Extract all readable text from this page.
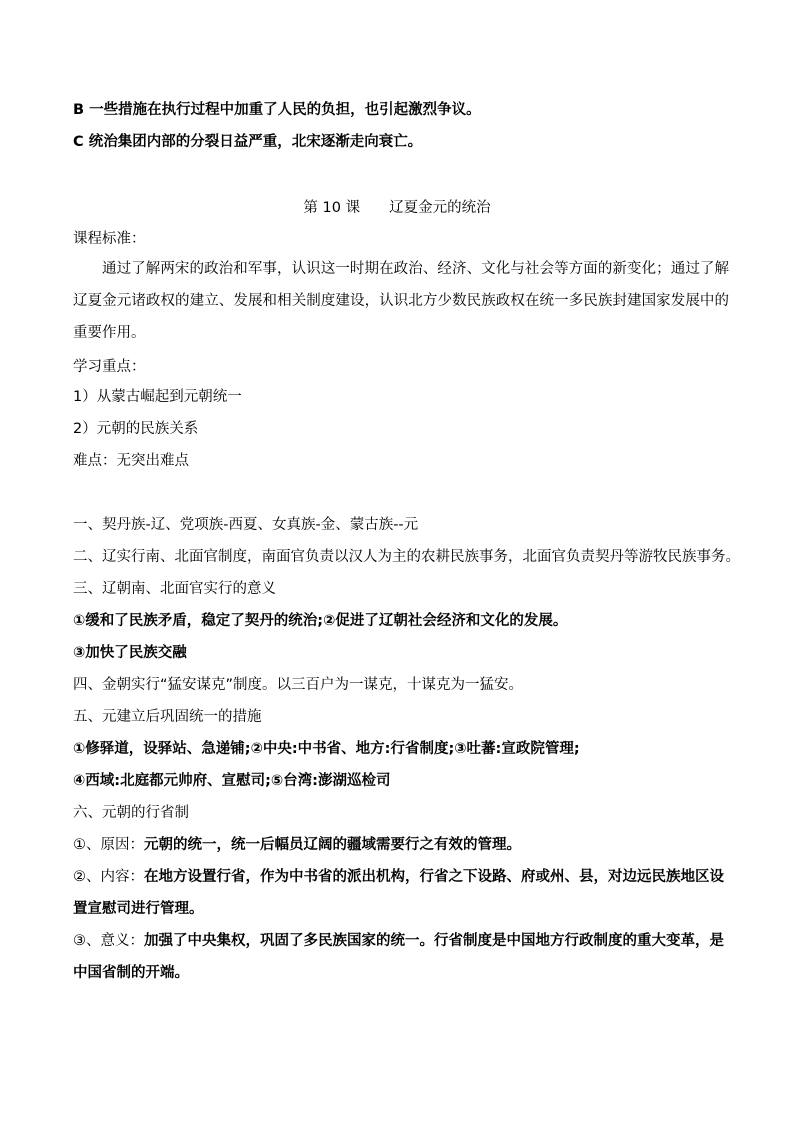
B 一些措施在执行过程中加重了人民的负担，也引起激烈争议。
C 统治集团内部的分裂日益严重，北宋逐渐走向衰亡。
第 10 课　　辽夏金元的统治
课程标准：
通过了解两宋的政治和军事，认识这一时期在政治、经济、文化与社会等方面的新变化；通过了解辽夏金元诸政权的建立、发展和相关制度建设，认识北方少数民族政权在统一多民族封建国家发展中的重要作用。
学习重点：
1）从蒙古崛起到元朝统一
2）元朝的民族关系
难点：无突出难点
一、契丹族-辽、党项族-西夏、女真族-金、蒙古族--元
二、辽实行南、北面官制度，南面官负责以汉人为主的农耕民族事务，北面官负责契丹等游牧民族事务。
三、辽朝南、北面官实行的意义
①缓和了民族矛盾，稳定了契丹的统治;②促进了辽朝社会经济和文化的发展。
③加快了民族交融
四、金朝实行“猛安谋克”制度。以三百户为一谋克，十谋克为一猛安。
五、元建立后巩固统一的措施
①修驿道，设驿站、急递铺;②中央:中书省、地方:行省制度;③吐蕃:宣政院管理;
④西域:北庭都元帅府、宣慰司;⑤台湾:澎湖巡检司
六、元朝的行省制
①、原因：元朝的统一，统一后幅员辽阔的疆域需要行之有效的管理。
②、内容：在地方设置行省，作为中书省的派出机构，行省之下设路、府或州、县，对边远民族地区设置宣慰司进行管理。
③、意义：加强了中央集权，巩固了多民族国家的统一。行省制度是中国地方行政制度的重大变革，是中国省制的开端。
